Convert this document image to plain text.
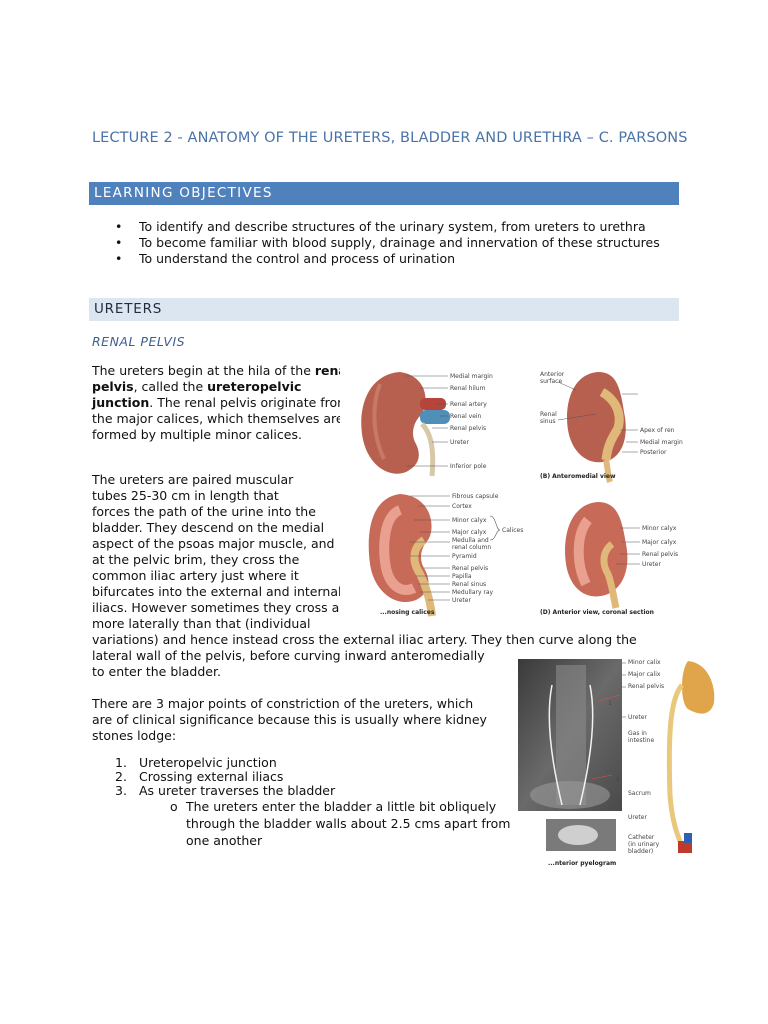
LECTURE 2 - ANATOMY OF THE URETERS, BLADDER AND URETHRA – C. PARSONS
LEARNING OBJECTIVES
• To identify and describe structures of the urinary system, from ureters to urethra
• To become familiar with blood supply, drainage and innervation of these structures
• To understand the control and process of urination
URETERS
RENAL PELVIS
The ureters begin at the hila of the renal pelvis, called the ureteropelvic junction. The renal pelvis originate from the major calices, which themselves are formed by multiple minor calices.
The ureters are paired muscular
tubes 25-30 cm in length that
forces the path of the urine into the
bladder. They descend on the medial
aspect of the psoas major muscle, and
at the pelvic brim, they cross the
common iliac artery just where it
bifurcates into the external and internal
iliacs. However sometimes they cross a bit
more laterally than that (individual
variations) and hence instead cross the external iliac artery. They then curve along the
lateral wall of the pelvis, before curving inward anteromedially
to enter the bladder.
There are 3 major points of constriction of the ureters, which
are of clinical significance because this is usually where kidney
stones lodge:
1. Ureteropelvic junction
2. Crossing external iliacs
3. As ureter traverses the bladder
o The ureters enter the bladder a little bit obliquely through the bladder walls about 2.5 cms apart from one another
Medial margin
Renal hilum
Renal artery
Renal vein
Renal pelvis
Ureter
Inferior pole
Anterior
surface
Renal
sinus
Apex of ren
Medial margin
Posterior
(B) Anteromedial view
Fibrous capsule
Cortex
Minor calyx
Major calyx
Medulla and
renal column
Pyramid
Renal pelvis
Papilla
Renal sinus
Medullary ray
Ureter
Calices
...nosing calices
Minor calyx
Major calyx
Renal pelvis
Ureter
(D) Anterior view, coronal section
1
2
Minor calix
Major calix
Renal pelvis
Ureter
Gas in
intestine
Sacrum
Ureter
Catheter
(in urinary
bladder)
...nterior pyelogram
